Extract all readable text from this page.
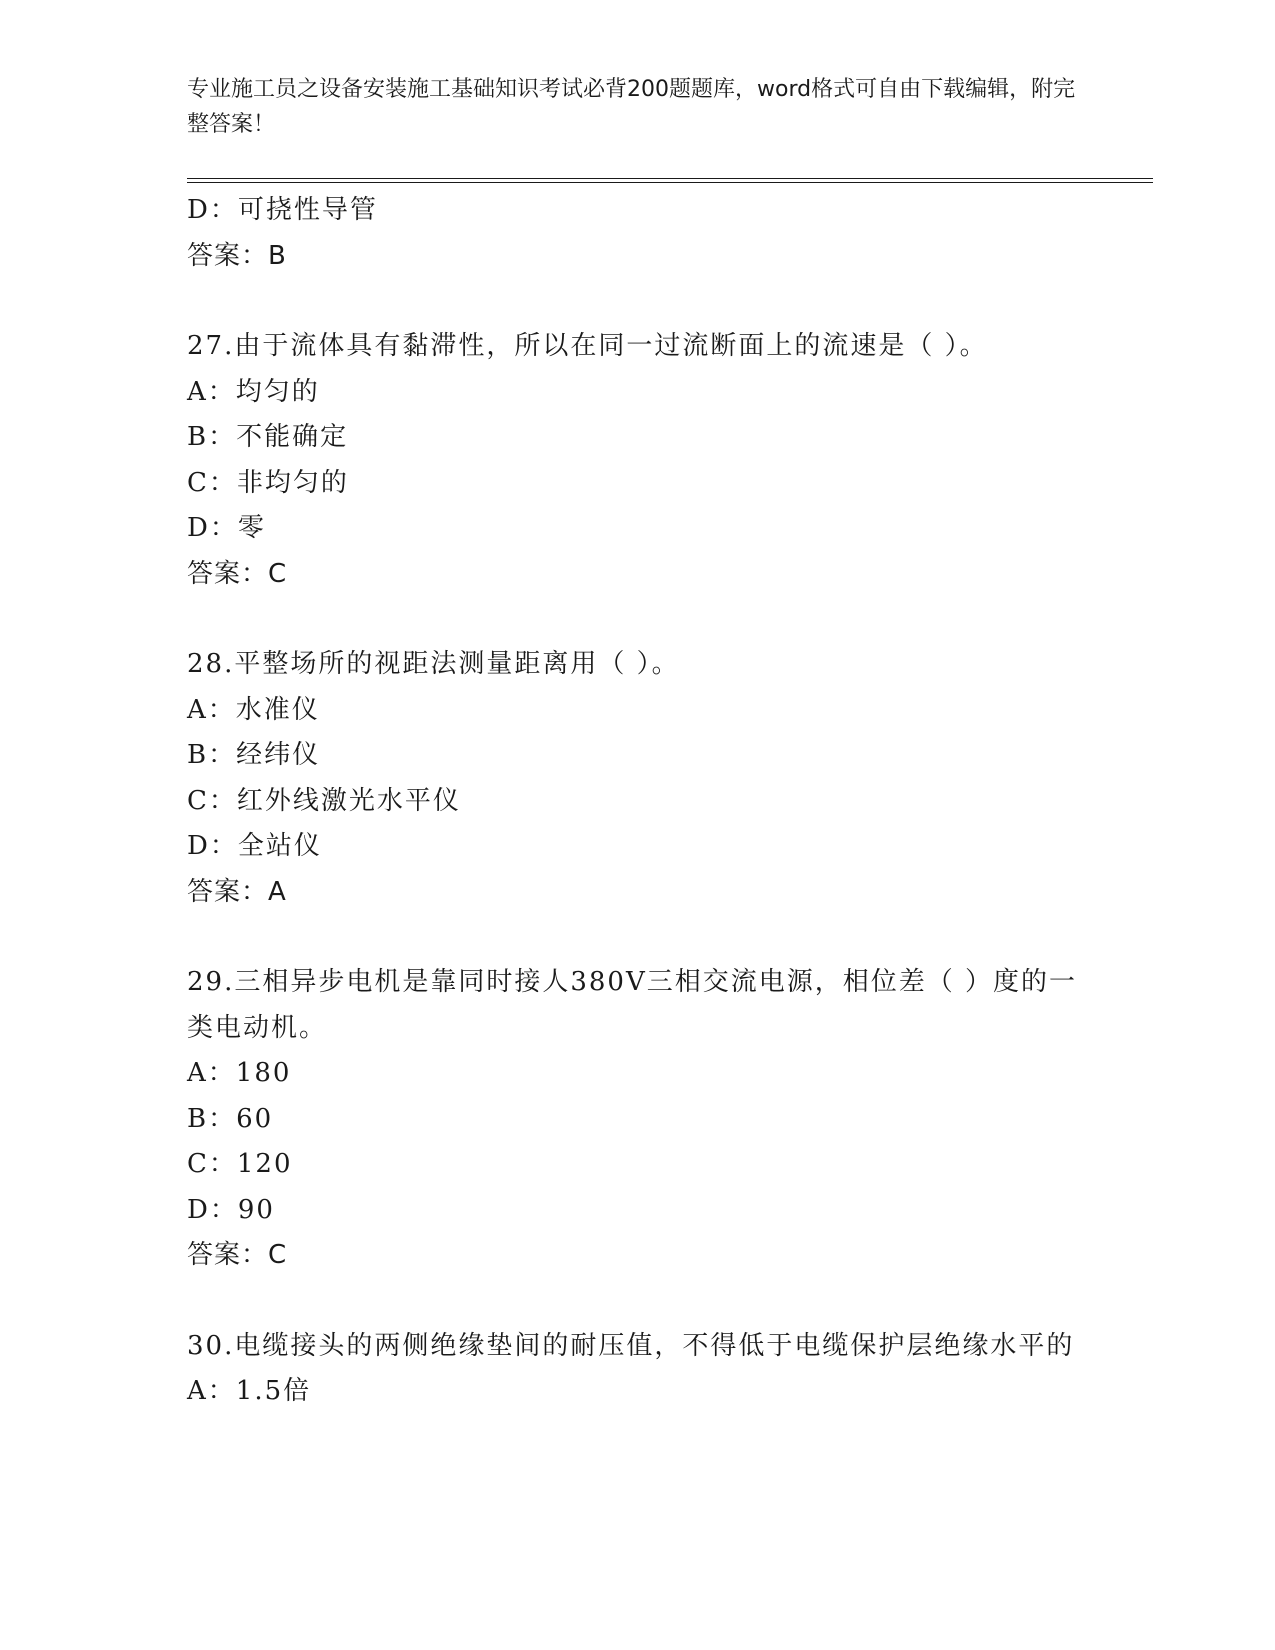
专业施工员之设备安装施工基础知识考试必背200题题库，word格式可自由下载编辑，附完整答案！
D：可挠性导管
答案：B
27.由于流体具有黏滞性，所以在同一过流断面上的流速是（ ）。
A：均匀的
B：不能确定
C：非均匀的
D：零
答案：C
28.平整场所的视距法测量距离用（ ）。
A：水准仪
B：经纬仪
C：红外线激光水平仪
D：全站仪
答案：A
29.三相异步电机是靠同时接人380V三相交流电源，相位差（ ）度的一类电动机。
A：180
B：60
C：120
D：90
答案：C
30.电缆接头的两侧绝缘垫间的耐压值，不得低于电缆保护层绝缘水平的
A：1.5倍
